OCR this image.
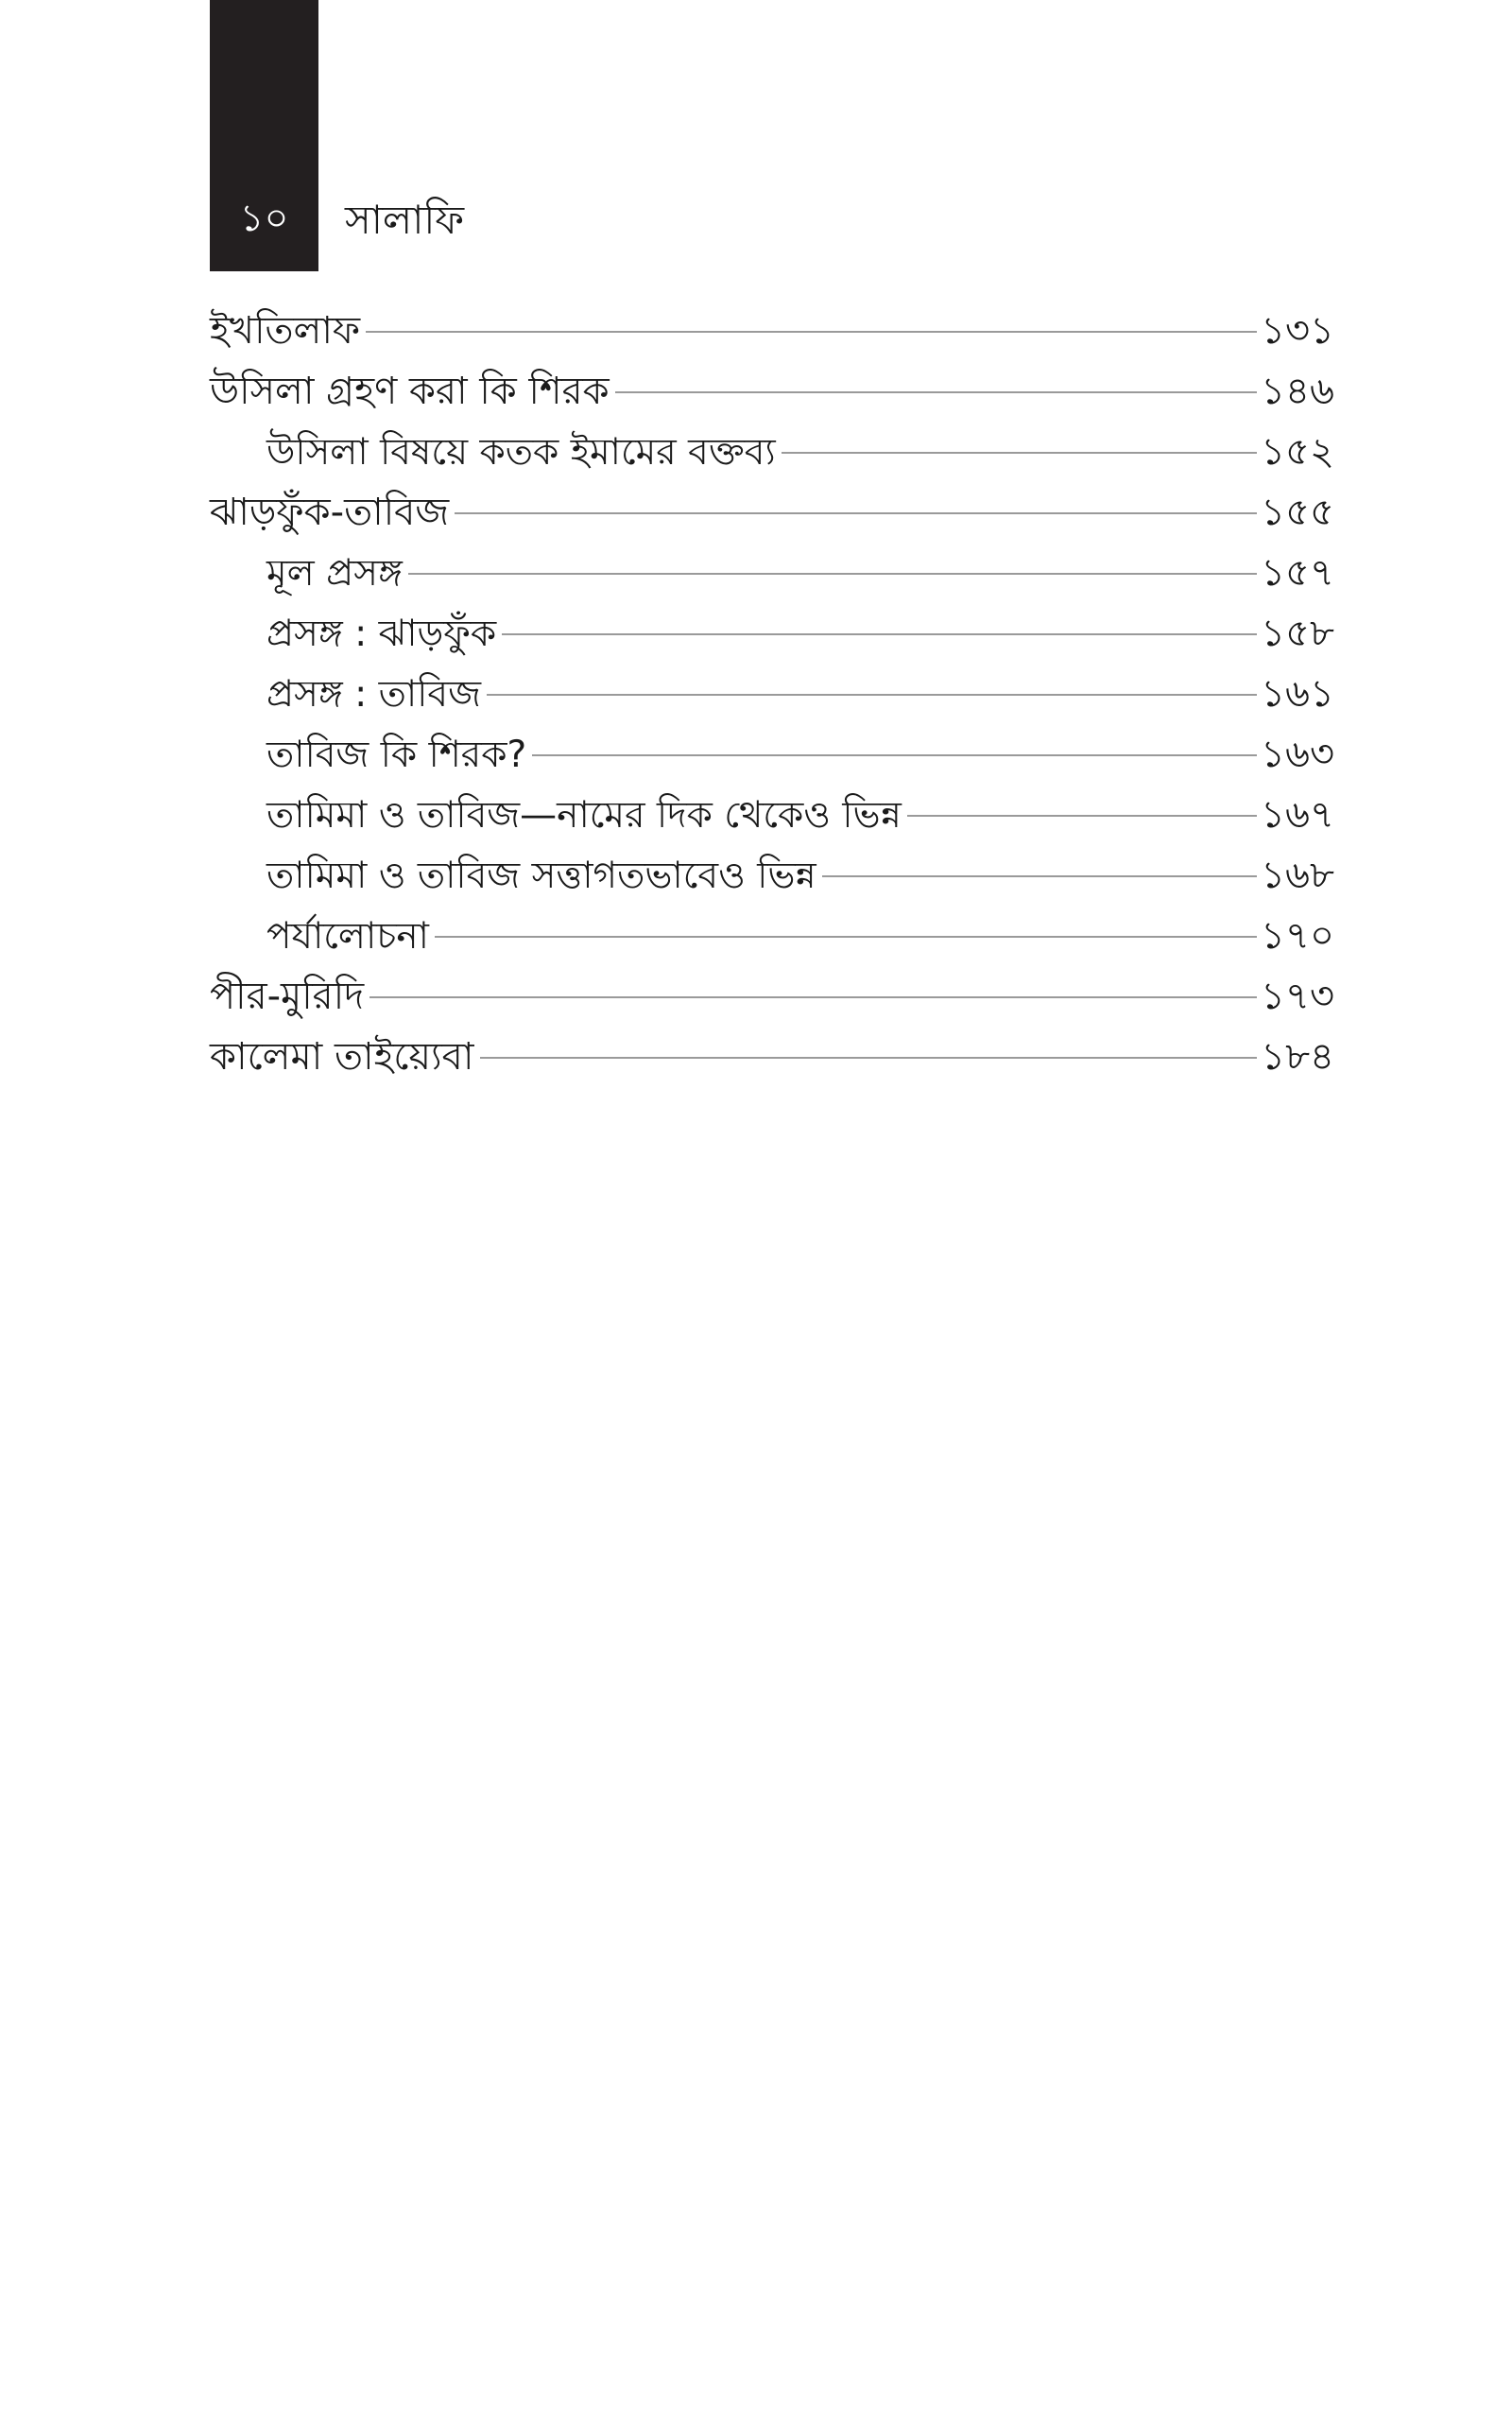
১০	সালাফি
ইখতিলাফ	১৩১
উসিলা গ্রহণ করা কি শিরক	১৪৬
উসিলা বিষয়ে কতক ইমামের বক্তব্য	১৫২
ঝাড়ফুঁক-তাবিজ	১৫৫
মূল প্রসঙ্গ	১৫৭
প্রসঙ্গ : ঝাড়ফুঁক	১৫৮
প্রসঙ্গ : তাবিজ	১৬১
তাবিজ কি শিরক?	১৬৩
তামিমা ও তাবিজ—নামের দিক থেকেও ভিন্ন	১৬৭
তামিমা ও তাবিজ সত্তাগতভাবেও ভিন্ন	১৬৮
পর্যালোচনা	১৭০
পীর-মুরিদি	১৭৩
কালেমা তাইয়্যেবা	১৮৪
